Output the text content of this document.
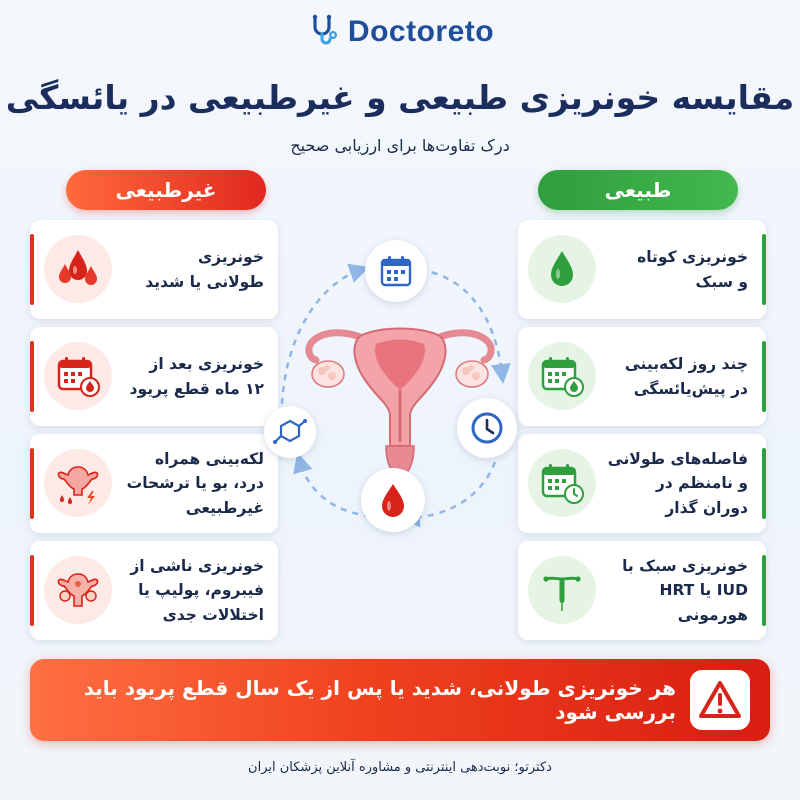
Doctoreto
مقایسه خونریزی طبیعی و غیرطبیعی در یائسگی
درک تفاوت‌ها برای ارزیابی صحیح
غیرطبیعی	طبیعی
خونریزی
طولانی یا شدید
خونریزی بعد از
۱۲ ماه قطع پریود
لکه‌بینی همراه
درد، بو یا ترشحات
غیرطبیعی
خونریزی ناشی از
فیبروم، پولیپ یا
اختلالات جدی
خونریزی کوتاه
و سبک
چند روز لکه‌بینی
در پیش‌یائسگی
فاصله‌های طولانی
و نامنظم در
دوران گذار
خونریزی سبک با
IUD یا HRT
هورمونی
هر خونریزی طولانی، شدید یا پس از یک سال قطع پریود باید بررسی شود
دکترتو؛ نوبت‌دهی اینترنتی و مشاوره آنلاین پزشکان ایران
